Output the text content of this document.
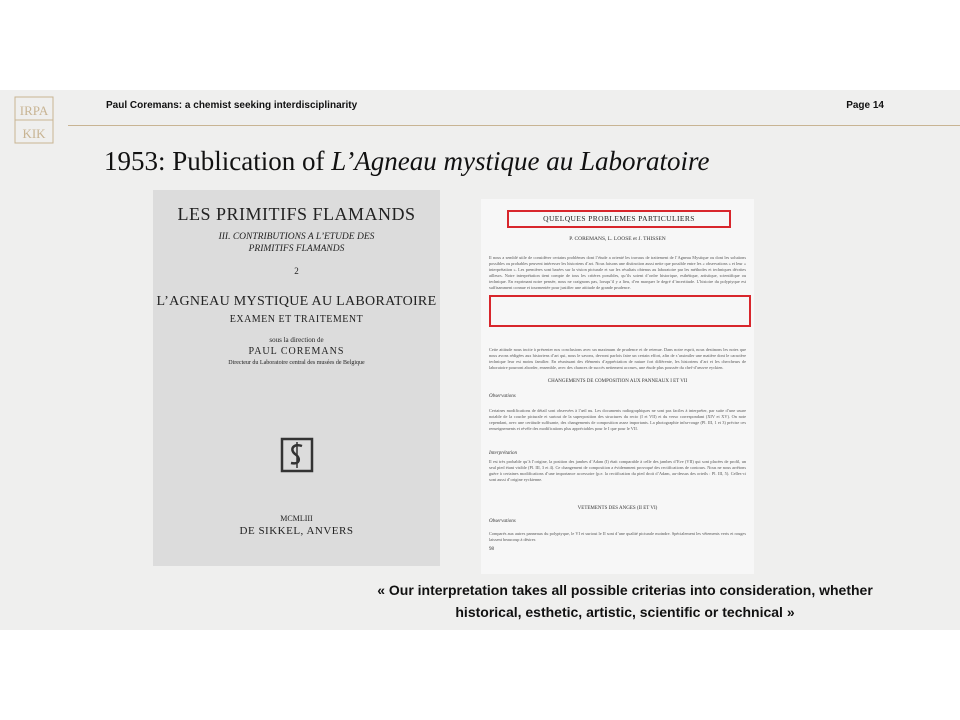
IRPA
KIK
Paul Coremans: a chemist seeking interdisciplinarity	Page 14
1953: Publication of L’Agneau mystique au Laboratoire
LES PRIMITIFS FLAMANDS
III. CONTRIBUTIONS A L’ETUDE DES
PRIMITIFS FLAMANDS
2
L’AGNEAU MYSTIQUE AU LABORATOIRE
EXAMEN ET TRAITEMENT
sous la direction de
PAUL COREMANS
Directeur du Laboratoire central des musées de Belgique
MCMLIII
DE SIKKEL, ANVERS
QUELQUES PROBLEMES PARTICULIERS
P. COREMANS, L. LOOSE et J. THISSEN
Il nous a semblé utile de considérer certains problèmes dont l’étude a orienté les travaux de traitement de l’Agneau Mystique ou dont les solutions possibles ou probables peuvent intéresser les historiens d’art. Nous faisons une distinction aussi nette que possible entre les « observations » et leur « interprétation ». Les premières sont basées sur la vision picturale et sur les résultats obtenus au laboratoire par les méthodes et techniques décrites ailleurs. Notre interprétation tient compte de tous les critères possibles, qu’ils soient d’ordre historique, esthétique, artistique, scientifique ou technique. En exprimant notre pensée, nous ne craignons pas, lorsqu’il y a lieu, d’en marquer le degré d’incertitude. L’histoire du polyptyque est suffisamment connue et tourmentée pour justifier une attitude de grande prudence.
Cette attitude nous incite à présenter nos conclusions avec un maximum de prudence et de retenue. Dans notre esprit, nous destinons les notes que nous avons rédigées aux historiens d’art qui, nous le savons, devront parfois faire un certain effort, afin de s’assimiler une matière dont le caractère technique leur est moins familier. En réunissant des éléments d’appréciation de nature fort différente, les historiens d’art et les chercheurs de laboratoire pourront aborder, ensemble, avec des chances de succès nettement accrues, une étude plus poussée du chef-d’œuvre eyckien.
CHANGEMENTS DE COMPOSITION AUX PANNEAUX I ET VII
Observations
Certaines modifications de détail sont observées à l’œil nu. Les documents radiographiques ne sont pas faciles à interpréter, par suite d’une usure notable de la couche picturale et surtout de la superposition des structures du recto (I et VII) et du verso correspondant (XIV et XV). On note cependant, avec une certitude suffisante, des changements de composition assez importants. La photographie infra-rouge (Pl. III, 1 et 3) précise ces renseignements et révèle des modifications plus appréciables pour le I que pour le VII.
Interprétation
Il est très probable qu’à l’origine, la position des jambes d’Adam (I) était comparable à celle des jambes d’Eve (VII) qui sont placées de profil, un seul pied étant visible (Pl. III, 3 et 4). Ce changement de composition a évidemment provoqué des rectifications de contours. Nous ne nous arrêtons guère à certaines modifications d’une importance accessoire (p.e. la rectification du pied droit d’Adam, au-dessus des orteils : Pl. III, 5). Celles-ci sont aussi d’origine eyckienne.
VETEMENTS DES ANGES (II ET VI)
Observations
Comparés aux autres panneaux du polyptyque, le VI et surtout le II sont d’une qualité picturale moindre. Spécialement les vêtements verts et rouges laissent beaucoup à désirer.
98
« Our interpretation takes all possible criterias into consideration, whether
historical, esthetic, artistic, scientific or technical »
